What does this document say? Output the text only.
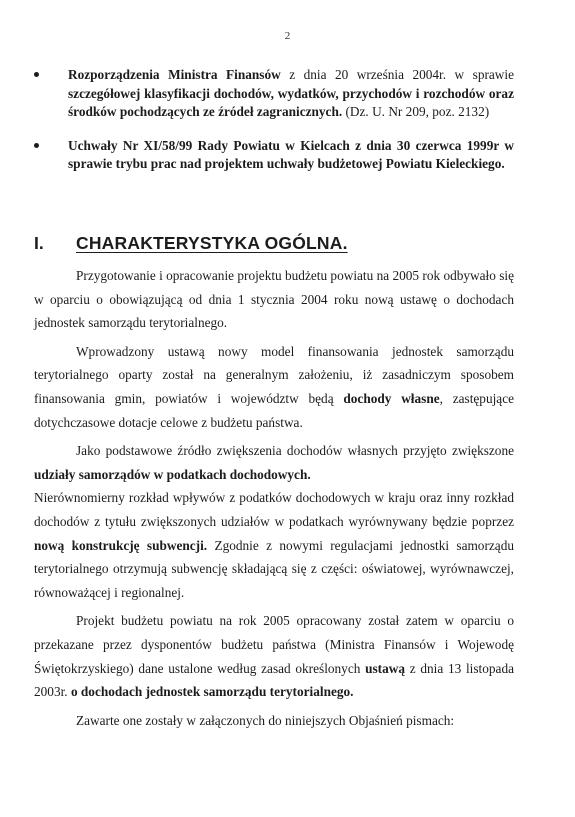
2
Rozporządzenia Ministra Finansów z dnia 20 września 2004r. w sprawie szczegółowej klasyfikacji dochodów, wydatków, przychodów i rozchodów oraz środków pochodzących ze źródeł zagranicznych. (Dz. U. Nr 209, poz. 2132)
Uchwały Nr XI/58/99 Rady Powiatu w Kielcach z dnia 30 czerwca 1999r w sprawie trybu prac nad projektem uchwały budżetowej Powiatu Kieleckiego.
I. CHARAKTERYSTYKA OGÓLNA.

Przygotowanie i opracowanie projektu budżetu powiatu na 2005 rok odbywało się w oparciu o obowiązującą od dnia 1 stycznia 2004 roku nową ustawę o dochodach jednostek samorządu terytorialnego.

Wprowadzony ustawą nowy model finansowania jednostek samorządu terytorialnego oparty został na generalnym założeniu, iż zasadniczym sposobem finansowania gmin, powiatów i województw będą dochody własne, zastępujące dotychczasowe dotacje celowe z budżetu państwa.

Jako podstawowe źródło zwiększenia dochodów własnych przyjęto zwiększone udziały samorządów w podatkach dochodowych.

Nierównomierny rozkład wpływów z podatków dochodowych w kraju oraz inny rozkład dochodów z tytułu zwiększonych udziałów w podatkach wyrównywany będzie poprzez nową konstrukcję subwencji. Zgodnie z nowymi regulacjami jednostki samorządu terytorialnego otrzymują subwencję składającą się z części: oświatowej, wyrównawczej, równoważącej i regionalnej.

Projekt budżetu powiatu na rok 2005 opracowany został zatem w oparciu o przekazane przez dysponentów budżetu państwa (Ministra Finansów i Wojewodę Świętokrzyskiego) dane ustalone według zasad określonych ustawą z dnia 13 listopada 2003r. o dochodach jednostek samorządu terytorialnego.

Zawarte one zostały w załączonych do niniejszych Objaśnień pismach:
